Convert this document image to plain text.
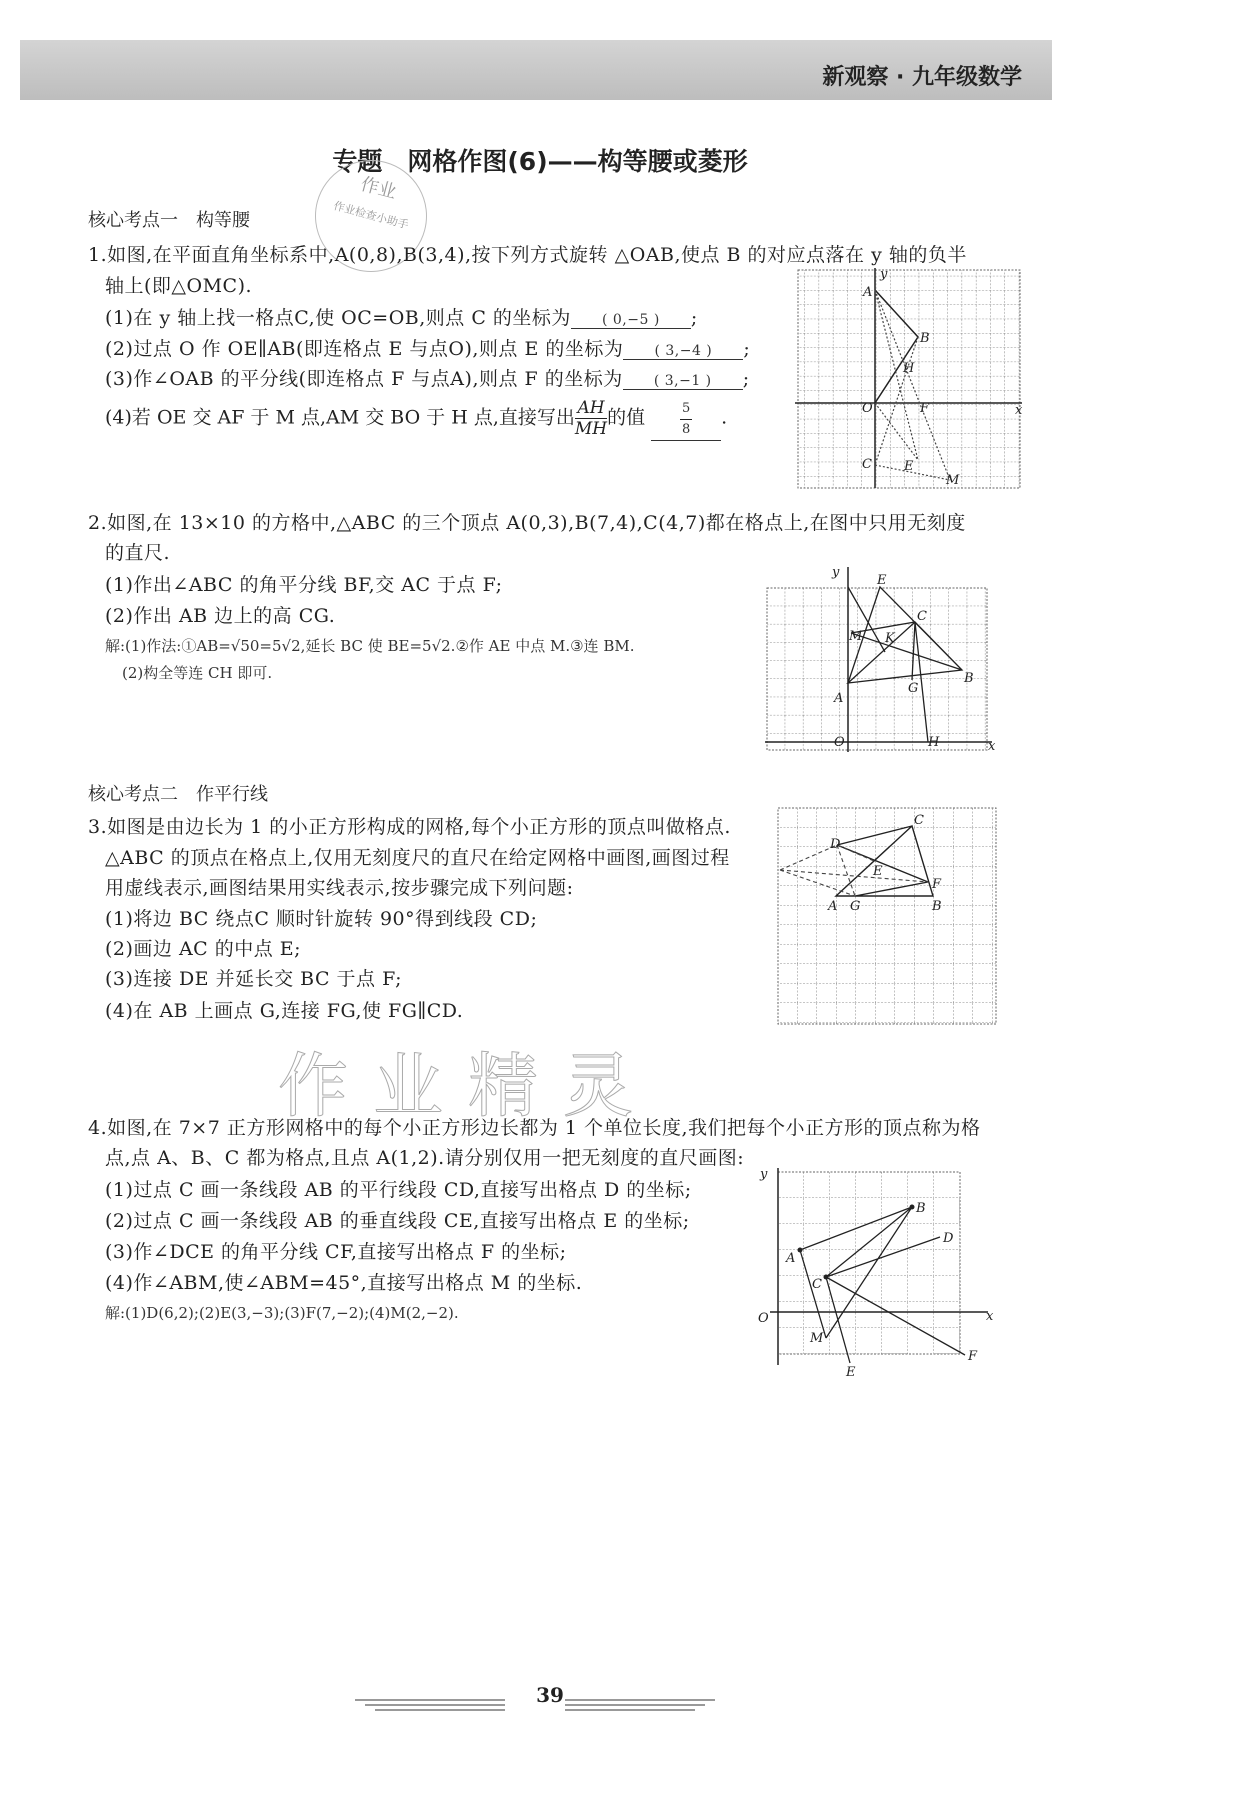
新观察 · 九年级数学
专题　网格作图(6)——构等腰或菱形
作业
作业检查小助手
核心考点一　构等腰
1.如图,在平面直角坐标系中,A(0,8),B(3,4),按下列方式旋转 △OAB,使点 B 的对应点落在 y 轴的负半
轴上(即△OMC).
(1)在 y 轴上找一格点C,使 OC=OB,则点 C 的坐标为 ( 0,−5 ) ;
(2)过点 O 作 OE∥AB(即连格点 E 与点O),则点 E 的坐标为 ( 3,−4 ) ;
(3)作∠OAB 的平分线(即连格点 F 与点A),则点 F 的坐标为 ( 3,−1 ) ;
(4)若 OE 交 AF 于 M 点,AM 交 BO 于 H 点,直接写出 $\frac{AH}{MH}$ 的值	$\frac{5}{8}$ .
y
x
A
B
O
H
F
C E
M
2.如图,在 13×10 的方格中,△ABC 的三个顶点 A(0,3),B(7,4),C(4,7)都在格点上,在图中只用无刻度
的直尺.
(1)作出∠ABC 的角平分线 BF,交 AC 于点 F;
(2)作出 AB 边上的高 CG.
解:(1)作法:①AB=√50=5√2,延长 BC 使 BE=5√2.②作 AE 中点 M.③连 BM.
(2)构全等连 CH 即可.
y
x
E
C
M K
B
G
A
O	H
核心考点二　作平行线
3.如图是由边长为 1 的小正方形构成的网格,每个小正方形的顶点叫做格点.
△ABC 的顶点在格点上,仅用无刻度尺的直尺在给定网格中画图,画图过程
用虚线表示,画图结果用实线表示,按步骤完成下列问题:
(1)将边 BC 绕点C 顺时针旋转 90°得到线段 CD;
(2)画边 AC 的中点 E;
(3)连接 DE 并延长交 BC 于点 F;
(4)在 AB 上画点 G,连接 FG,使 FG∥CD.
C
D
E
F
A G	B
作业精灵
4.如图,在 7×7 正方形网格中的每个小正方形边长都为 1 个单位长度,我们把每个小正方形的顶点称为格
点,点 A、B、C 都为格点,且点 A(1,2).请分别仅用一把无刻度的直尺画图:
(1)过点 C 画一条线段 AB 的平行线段 CD,直接写出格点 D 的坐标;
(2)过点 C 画一条线段 AB 的垂直线段 CE,直接写出格点 E 的坐标;
(3)作∠DCE 的角平分线 CF,直接写出格点 F 的坐标;
(4)作∠ABM,使∠ABM=45°,直接写出格点 M 的坐标.
解:(1)D(6,2);(2)E(3,−3);(3)F(7,−2);(4)M(2,−2).
y
x
O
A
B
C
D
M
F
E
39
